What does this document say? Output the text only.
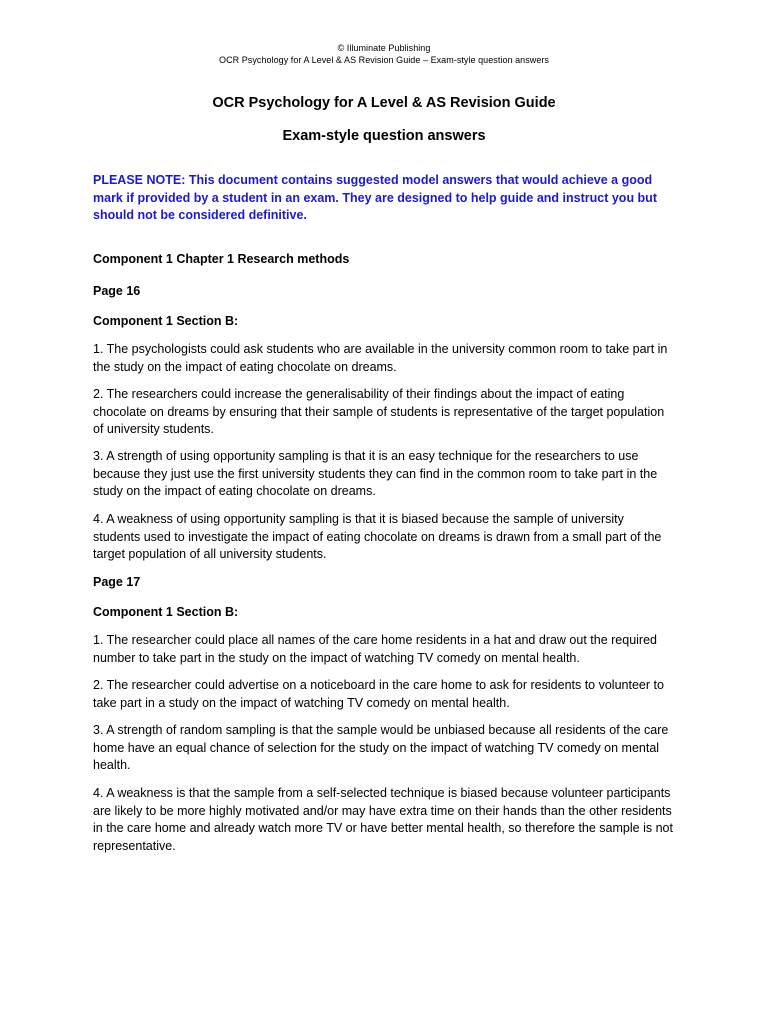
© Illuminate Publishing
OCR Psychology for A Level & AS Revision Guide – Exam-style question answers
OCR Psychology for A Level & AS Revision Guide
Exam-style question answers
PLEASE NOTE: This document contains suggested model answers that would achieve a good mark if provided by a student in an exam. They are designed to help guide and instruct you but should not be considered definitive.
Component 1 Chapter 1 Research methods
Page 16
Component 1 Section B:
1. The psychologists could ask students who are available in the university common room to take part in the study on the impact of eating chocolate on dreams.
2. The researchers could increase the generalisability of their findings about the impact of eating chocolate on dreams by ensuring that their sample of students is representative of the target population of university students.
3. A strength of using opportunity sampling is that it is an easy technique for the researchers to use because they just use the first university students they can find in the common room to take part in the study on the impact of eating chocolate on dreams.
4. A weakness of using opportunity sampling is that it is biased because the sample of university students used to investigate the impact of eating chocolate on dreams is drawn from a small part of the target population of all university students.
Page 17
Component 1 Section B:
1. The researcher could place all names of the care home residents in a hat and draw out the required number to take part in the study on the impact of watching TV comedy on mental health.
2. The researcher could advertise on a noticeboard in the care home to ask for residents to volunteer to take part in a study on the impact of watching TV comedy on mental health.
3. A strength of random sampling is that the sample would be unbiased because all residents of the care home have an equal chance of selection for the study on the impact of watching TV comedy on mental health.
4. A weakness is that the sample from a self-selected technique is biased because volunteer participants are likely to be more highly motivated and/or may have extra time on their hands than the other residents in the care home and already watch more TV or have better mental health, so therefore the sample is not representative.
